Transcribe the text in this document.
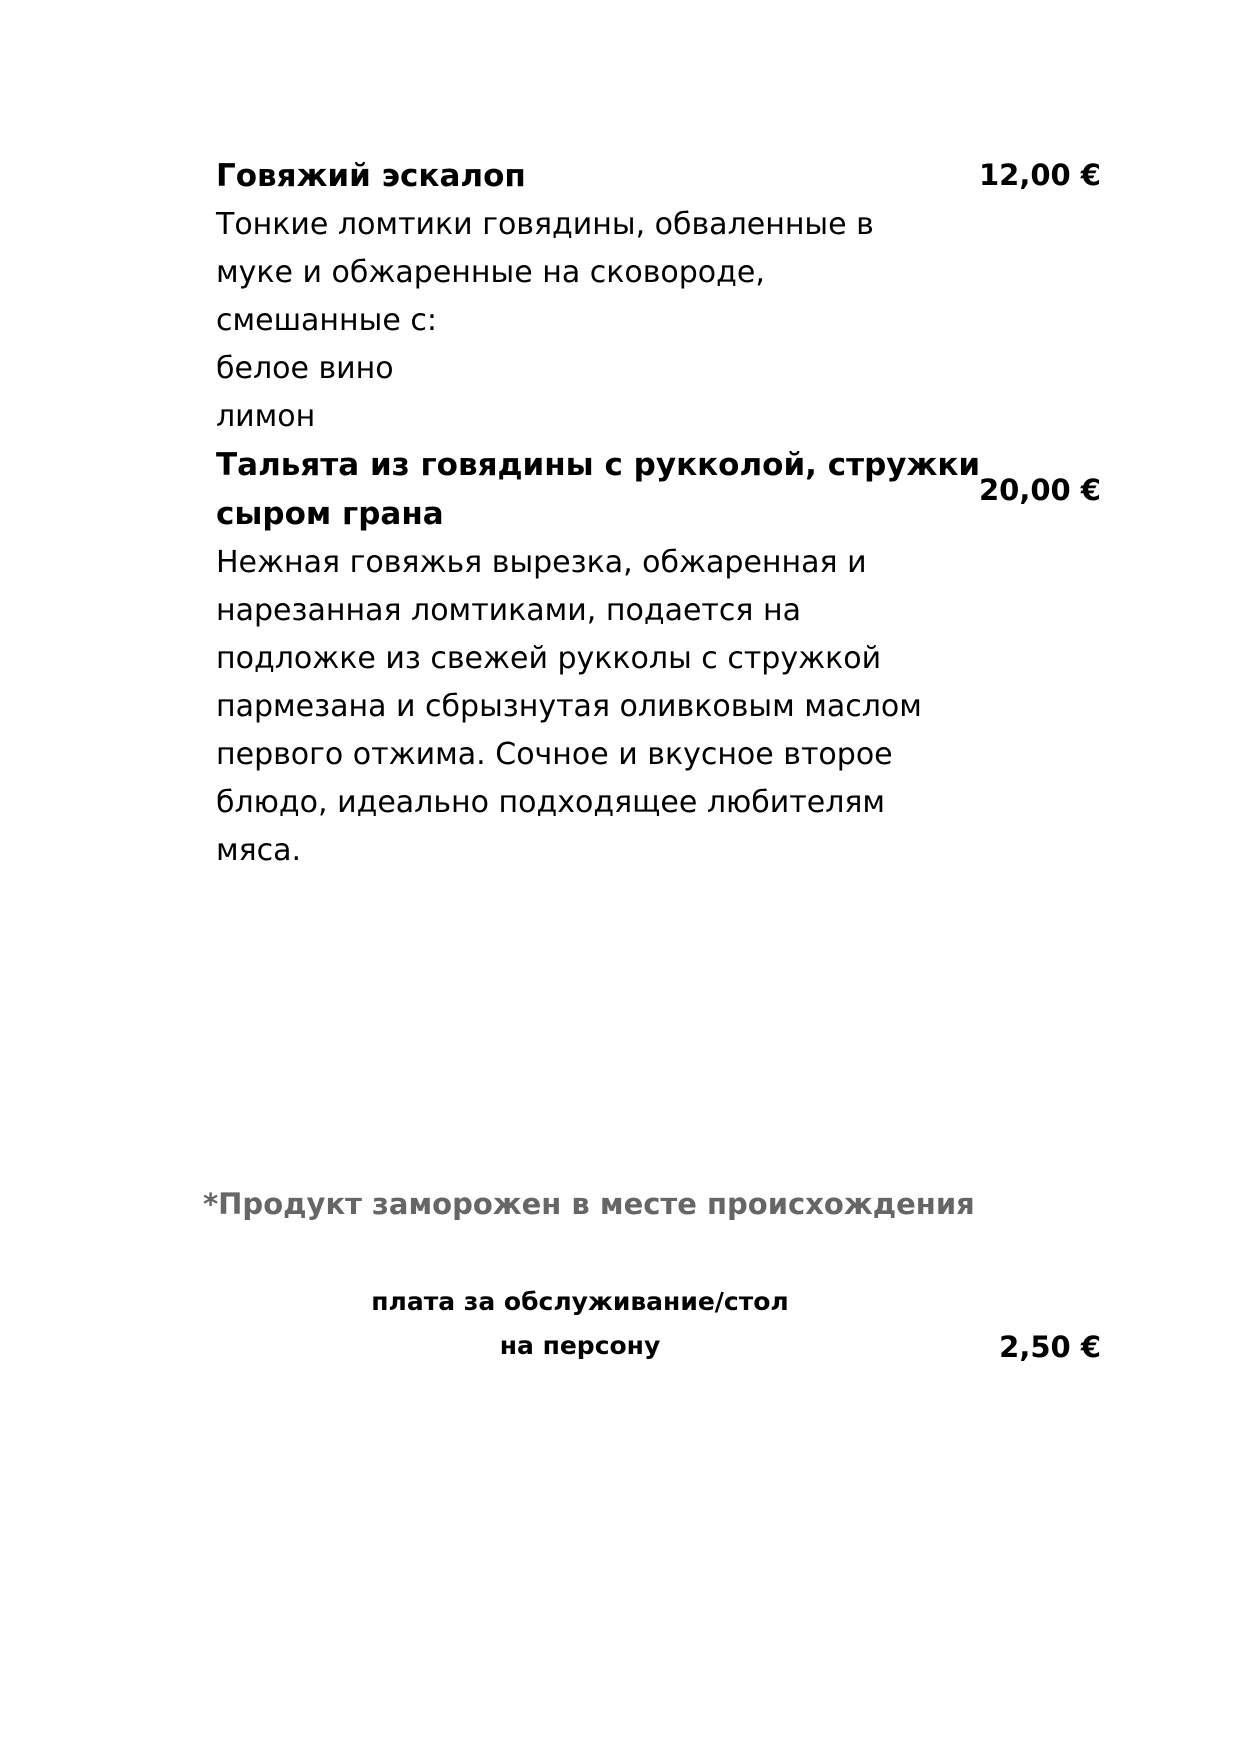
Говяжий эскалоп

Тонкие ломтики говядины, обваленные в
муке и обжаренные на сковороде,
смешанные с:
белое вино
лимон

12,00 €

Тальята из говядины с рукколой, стружки
сыром грана

Нежная говяжья вырезка, обжаренная и
нарезанная ломтиками, подается на
подложке из свежей рукколы с стружкой
пармезана и сбрызнутая оливковым маслом
первого отжима. Сочное и вкусное второе
блюдо, идеально подходящее любителям
мяса.

20,00 €
*Продукт заморожен в месте происхождения
плата за обслуживание/стол
на персону	2,50 €
